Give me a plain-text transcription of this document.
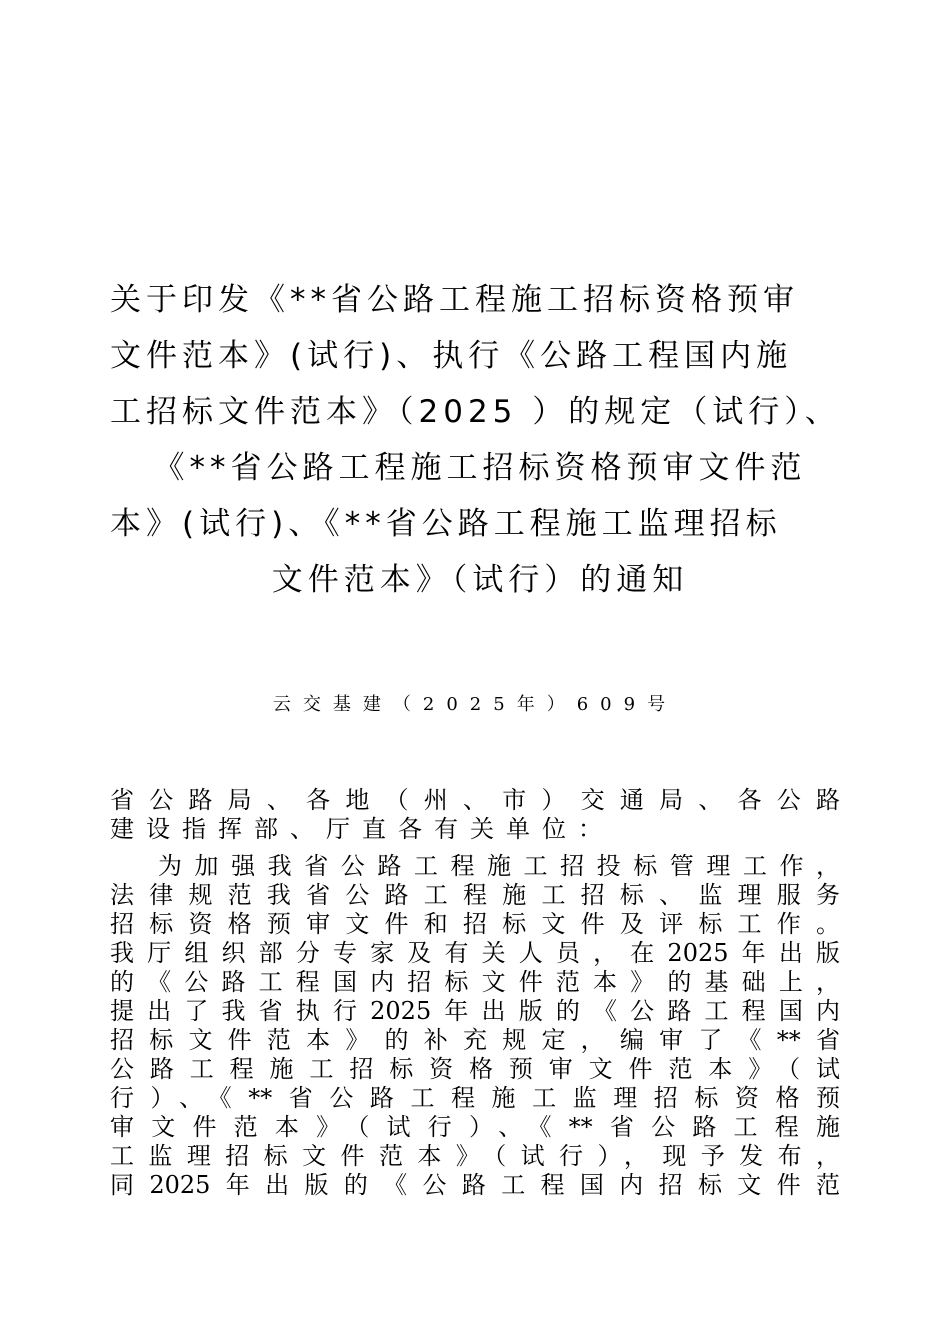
关于印发《**省公路工程施工招标资格预审
文件范本》(试行)、执行《公路工程国内施
工招标文件范本》（2025 ）的规定（试行）、
《**省公路工程施工招标资格预审文件范
本》(试行)、《**省公路工程施工监理招标
文件范本》（试行）的通知
云交基建（2025年）609号
省公路局、各地（州、市）交通局、各公路
建设指挥部、厅直各有关单位：
为加强我省公路工程施工招投标管理工作，
法律规范我省公路工程施工招标、监理服务
招标资格预审文件和招标文件及评标工作。
我厅组织部分专家及有关人员，在2025年出版
的《公路工程国内招标文件范本》的基础上，
提出了我省执行2025年出版的《公路工程国内
招标文件范本》的补充规定，编审了《**省
公路工程施工招标资格预审文件范本》（试
行）、《**省公路工程施工监理招标资格预
审文件范本》（试行）、《**省公路工程施
工监理招标文件范本》（试行），现予发布，
同2025年出版的《公路工程国内招标文件范
